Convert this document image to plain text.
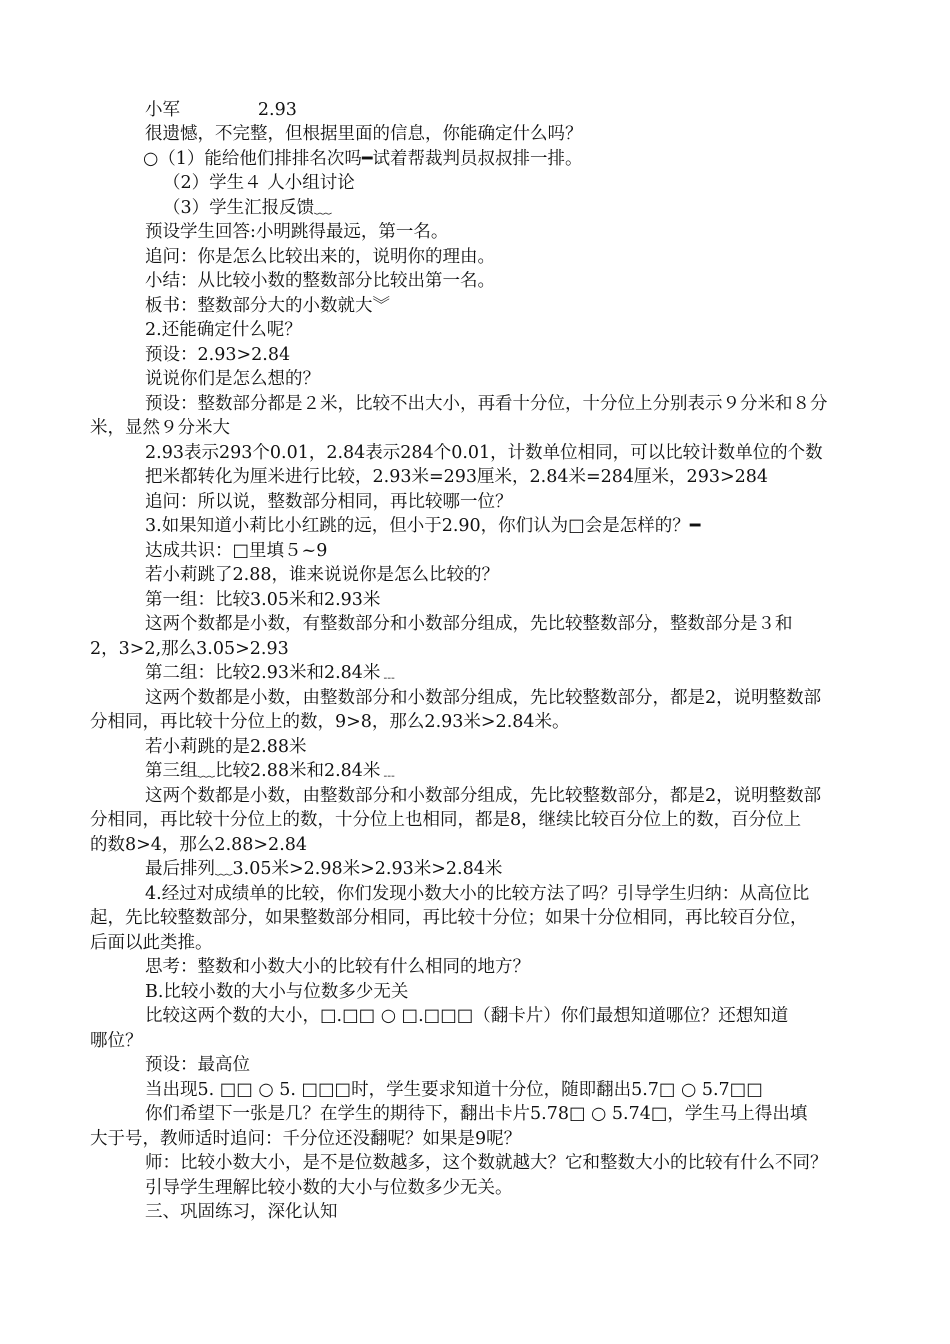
小军              2.93
很遗憾，不完整，但根据里面的信息，你能确定什么吗？
○（1）能给他们排排名次吗━试着帮裁判员叔叔排一排。
（2）学生４ 人小组讨论
（3）学生汇报反馈﹏
预设学生回答:小明跳得最远，第一名。
追问：你是怎么比较出来的，说明你的理由。
小结：从比较小数的整数部分比较出第一名。
板书：整数部分大的小数就大︾
2.还能确定什么呢？
预设：2.93>2.84
说说你们是怎么想的？
预设：整数部分都是２米，比较不出大小，再看十分位，十分位上分别表示９分米和８分
米，显然９分米大
2.93表示293个0.01，2.84表示284个0.01，计数单位相同，可以比较计数单位的个数
把米都转化为厘米进行比较，2.93米=293厘米，2.84米=284厘米，293>284
追问：所以说，整数部分相同，再比较哪一位？
3.如果知道小莉比小红跳的远，但小于2.90，你们认为□会是怎样的？━
达成共识：□里填５~9
若小莉跳了2.88，谁来说说你是怎么比较的？
第一组：比较3.05米和2.93米
这两个数都是小数，有整数部分和小数部分组成，先比较整数部分，整数部分是３和
2，3>2,那么3.05>2.93
第二组：比较2.93米和2.84米﹍
这两个数都是小数，由整数部分和小数部分组成，先比较整数部分，都是2，说明整数部
分相同，再比较十分位上的数，9>8，那么2.93米>2.84米。
若小莉跳的是2.88米
第三组﹏比较2.88米和2.84米﹍
这两个数都是小数，由整数部分和小数部分组成，先比较整数部分，都是2，说明整数部
分相同，再比较十分位上的数，十分位上也相同，都是8，继续比较百分位上的数，百分位上
的数8>4，那么2.88>2.84
最后排列﹏3.05米>2.98米>2.93米>2.84米
4.经过对成绩单的比较，你们发现小数大小的比较方法了吗？引导学生归纳：从高位比
起，先比较整数部分，如果整数部分相同，再比较十分位；如果十分位相同，再比较百分位，
后面以此类推。
思考：整数和小数大小的比较有什么相同的地方？
B.比较小数的大小与位数多少无关
比较这两个数的大小，□.□□ ○ □.□□□（翻卡片）你们最想知道哪位？还想知道
哪位？
预设：最高位
当出现5. □□ ○ 5. □□□时，学生要求知道十分位，随即翻出5.7□ ○ 5.7□□
你们希望下一张是几？在学生的期待下，翻出卡片5.78□ ○ 5.74□，学生马上得出填
大于号，教师适时追问：千分位还没翻呢？如果是9呢？
师：比较小数大小，是不是位数越多，这个数就越大？它和整数大小的比较有什么不同？
引导学生理解比较小数的大小与位数多少无关。
三、巩固练习，深化认知
